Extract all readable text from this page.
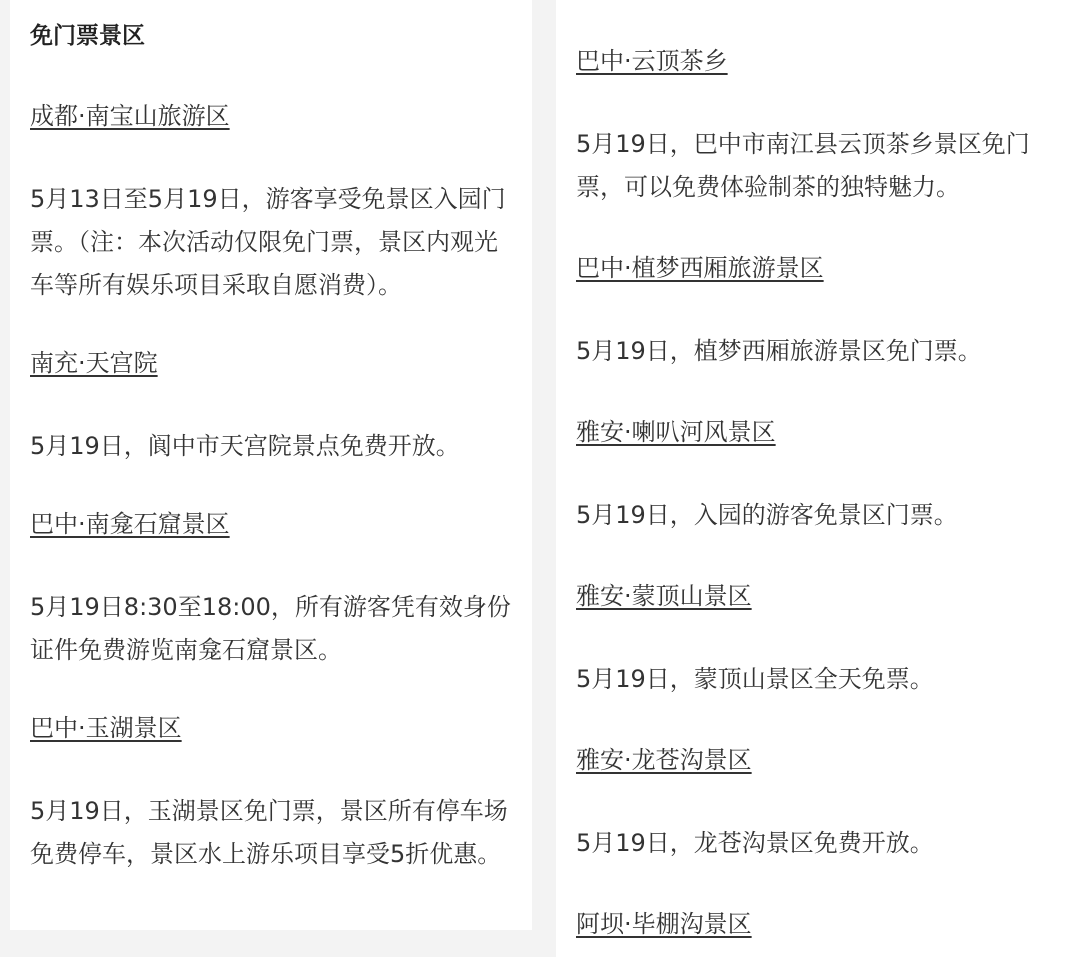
免门票景区
成都·南宝山旅游区
5月13日至5月19日，游客享受免景区入园门票。（注：本次活动仅限免门票，景区内观光车等所有娱乐项目采取自愿消费）。
南充·天宫院
5月19日，阆中市天宫院景点免费开放。
巴中·南龛石窟景区
5月19日8:30至18:00，所有游客凭有效身份证件免费游览南龛石窟景区。
巴中·玉湖景区
5月19日，玉湖景区免门票，景区所有停车场免费停车，景区水上游乐项目享受5折优惠。
巴中·云顶茶乡
5月19日，巴中市南江县云顶茶乡景区免门票，可以免费体验制茶的独特魅力。
巴中·植梦西厢旅游景区
5月19日，植梦西厢旅游景区免门票。
雅安·喇叭河风景区
5月19日，入园的游客免景区门票。
雅安·蒙顶山景区
5月19日，蒙顶山景区全天免票。
雅安·龙苍沟景区
5月19日，龙苍沟景区免费开放。
阿坝·毕棚沟景区
